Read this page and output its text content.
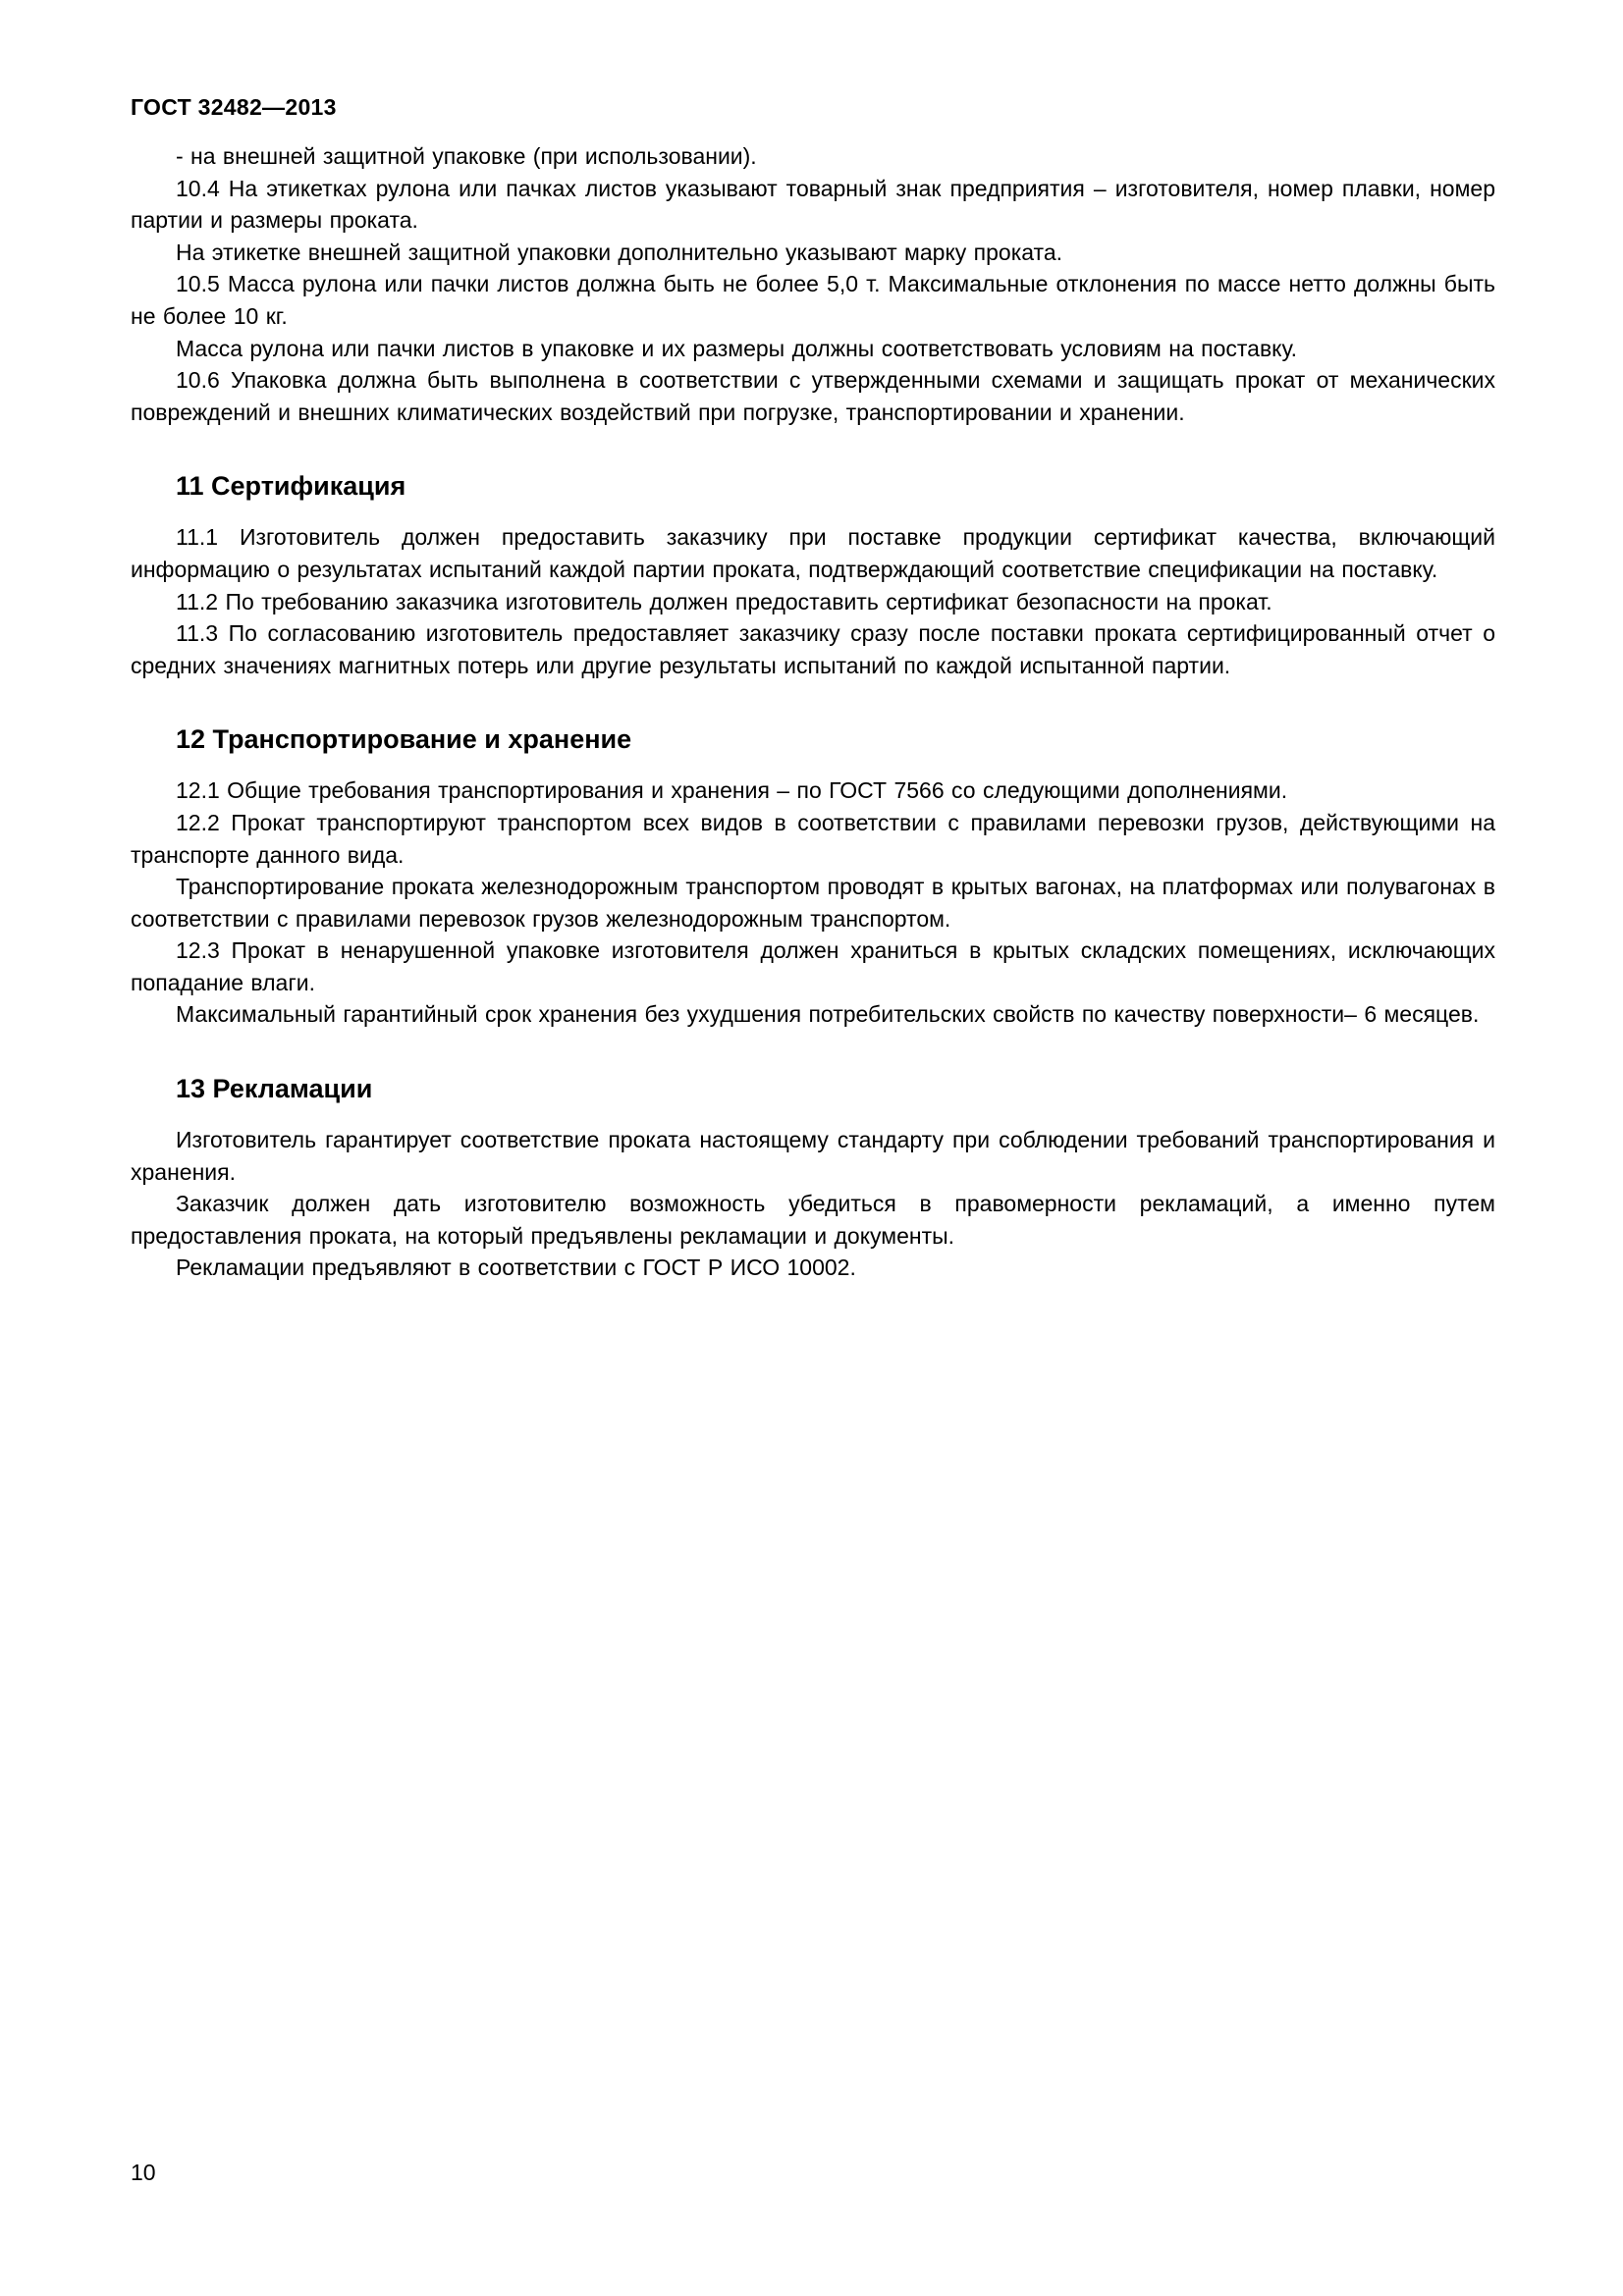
ГОСТ 32482—2013

- на внешней защитной упаковке (при использовании).

10.4 На этикетках рулона или пачках листов указывают товарный знак предприятия – изготовителя, номер плавки, номер партии и размеры проката.

На этикетке внешней защитной упаковки дополнительно указывают марку проката.

10.5 Масса рулона или пачки листов должна быть не более 5,0 т. Максимальные отклонения по массе нетто должны быть не более 10 кг.

Масса рулона или пачки листов в упаковке и их размеры должны соответствовать условиям на поставку.

10.6 Упаковка должна быть выполнена в соответствии с утвержденными схемами и защищать прокат от механических повреждений и внешних климатических воздействий при погрузке, транспортировании и хранении.

11 Сертификация

11.1 Изготовитель должен предоставить заказчику при поставке продукции сертификат качества, включающий информацию о результатах испытаний каждой партии проката, подтверждающий соответствие спецификации на поставку.

11.2 По требованию заказчика изготовитель должен предоставить сертификат безопасности на прокат.

11.3 По согласованию изготовитель предоставляет заказчику сразу после поставки проката сертифицированный отчет о средних значениях магнитных потерь или другие результаты испытаний по каждой испытанной партии.

12 Транспортирование и хранение

12.1 Общие требования транспортирования и хранения – по ГОСТ 7566 со следующими дополнениями.

12.2 Прокат транспортируют транспортом всех видов в соответствии с правилами перевозки грузов, действующими на транспорте данного вида.

Транспортирование проката железнодорожным транспортом проводят в крытых вагонах, на платформах или полувагонах в соответствии с правилами перевозок грузов железнодорожным транспортом.

12.3 Прокат в ненарушенной упаковке изготовителя должен храниться в крытых складских помещениях, исключающих попадание влаги.

Максимальный гарантийный срок хранения без ухудшения потребительских свойств по качеству поверхности– 6 месяцев.

13 Рекламации

Изготовитель гарантирует соответствие проката настоящему стандарту при соблюдении требований транспортирования и хранения.

Заказчик должен дать изготовителю возможность убедиться в правомерности рекламаций, а именно путем предоставления проката, на который предъявлены рекламации и документы.

Рекламации предъявляют в соответствии с ГОСТ Р ИСО 10002.

10
